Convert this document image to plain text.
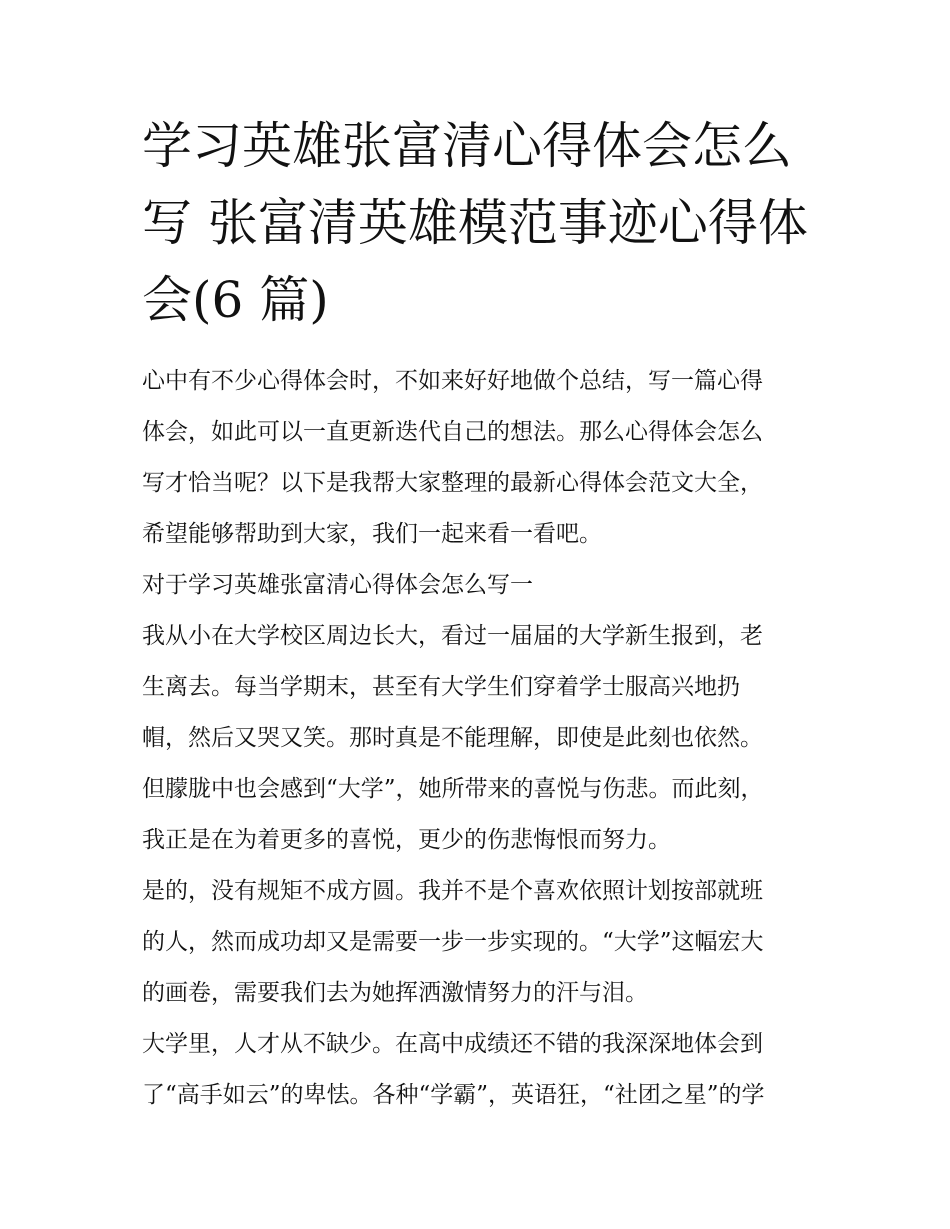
学习英雄张富清心得体会怎么
写 张富清英雄模范事迹心得体
会(6 篇)
心中有不少心得体会时，不如来好好地做个总结，写一篇心得
体会，如此可以一直更新迭代自己的想法。那么心得体会怎么
写才恰当呢？以下是我帮大家整理的最新心得体会范文大全，
希望能够帮助到大家，我们一起来看一看吧。
对于学习英雄张富清心得体会怎么写一
我从小在大学校区周边长大，看过一届届的大学新生报到，老
生离去。每当学期末，甚至有大学生们穿着学士服高兴地扔
帽，然后又哭又笑。那时真是不能理解，即使是此刻也依然。
但朦胧中也会感到“大学”，她所带来的喜悦与伤悲。而此刻，
我正是在为着更多的喜悦，更少的伤悲悔恨而努力。
是的，没有规矩不成方圆。我并不是个喜欢依照计划按部就班
的人，然而成功却又是需要一步一步实现的。“大学”这幅宏大
的画卷，需要我们去为她挥洒激情努力的汗与泪。
大学里，人才从不缺少。在高中成绩还不错的我深深地体会到
了“高手如云”的卑怯。各种“学霸”，英语狂，“社团之星”的学
